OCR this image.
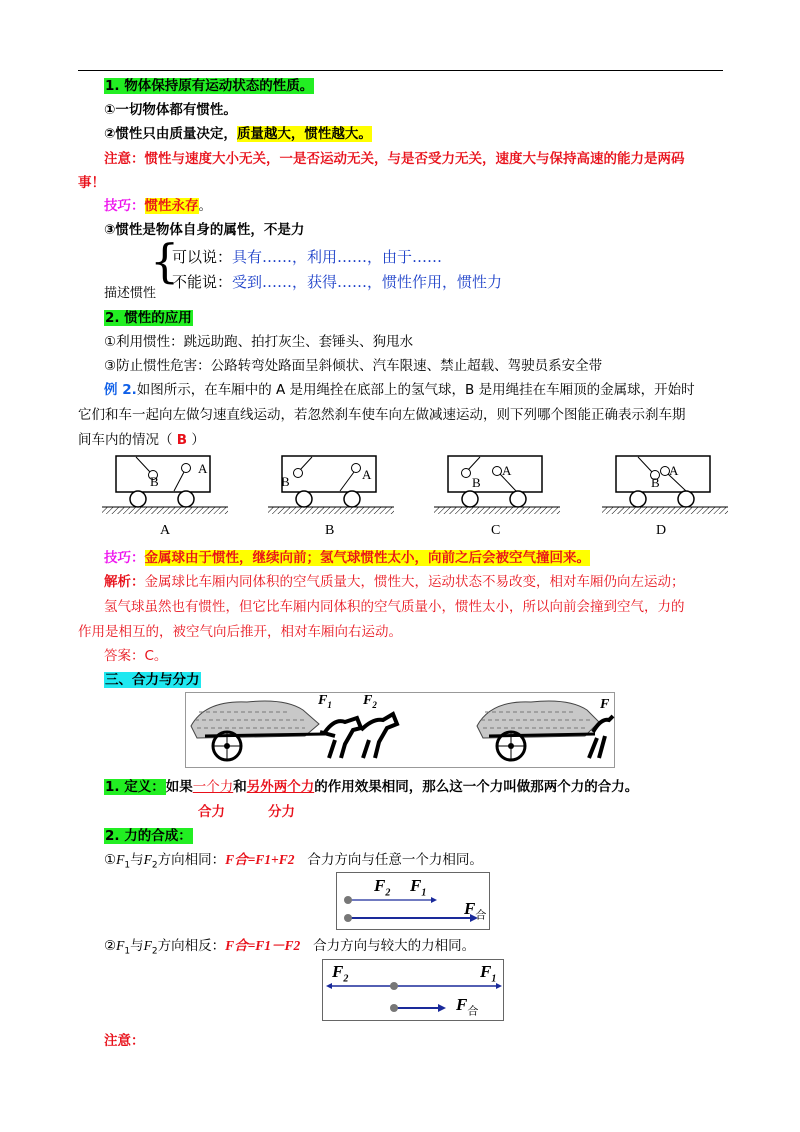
1. 物体保持原有运动状态的性质。
①一切物体都有惯性。
②惯性只由质量决定，质量越大，惯性越大。
注意：惯性与速度大小无关，一是否运动无关，与是否受力无关，速度大与保持高速的能力是两码
事！
技巧：惯性永存。
③惯性是物体自身的属性，不是力
{
可以说：具有……，利用……，由于……
不能说：受到……，获得……，惯性作用，惯性力
描述惯性
2. 惯性的应用
①利用惯性：跳远助跑、拍打灰尘、套锤头、狗甩水
③防止惯性危害：公路转弯处路面呈斜倾状、汽车限速、禁止超载、驾驶员系安全带
例 2.如图所示，在车厢中的 A 是用绳拴在底部上的氢气球，B 是用绳挂在车厢顶的金属球，开始时
它们和车一起向左做匀速直线运动，若忽然刹车使车向左做减速运动，则下列哪个图能正确表示刹车期
间车内的情况（ B ）
A
B	A
B
A
B
A
B
A	B	C	D
技巧：金属球由于惯性，继续向前；氢气球惯性太小，向前之后会被空气撞回来。
解析：金属球比车厢内同体积的空气质量大，惯性大，运动状态不易改变，相对车厢仍向左运动；
氢气球虽然也有惯性，但它比车厢内同体积的空气质量小，惯性太小，所以向前会撞到空气，力的
作用是相互的，被空气向后推开，相对车厢向右运动。
答案：C。
三、合力与分力
$F_1$ $F_2$	F
1. 定义：如果一个力和另外两个力的作用效果相同，那么这一个力叫做那两个力的合力。
合力	分力
2. 力的合成：
$①F_1$与$F_2$方向相同：F合=F1+F2 合力方向与任意一个力相同。
$F_2$ $F_1$
$F_合$
$②F_1$与$F_2$方向相反：F合=F1－F2 合力方向与较大的力相同。
$F_2$	$F_1$
$F_合$
注意：
